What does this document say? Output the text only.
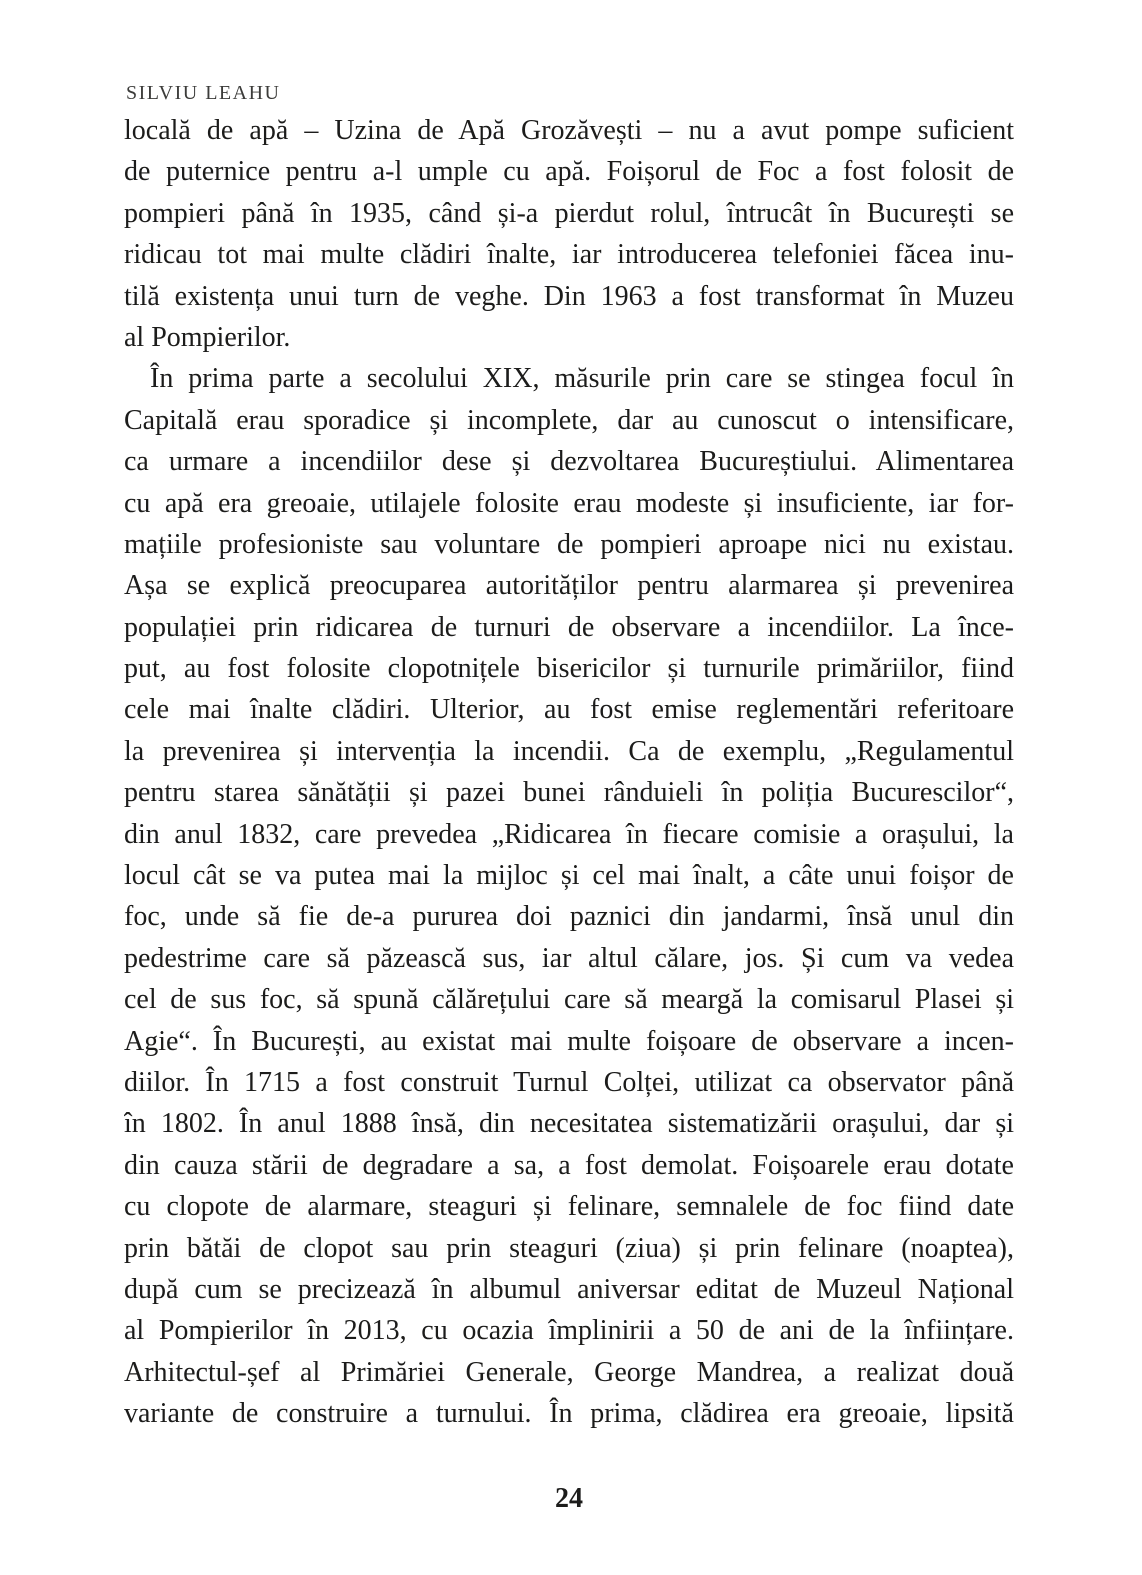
SILVIU LEAHU
locală de apă – Uzina de Apă Grozăvești – nu a avut pompe suficient
de puternice pentru a-l umple cu apă. Foișorul de Foc a fost folosit de
pompieri până în 1935, când și-a pierdut rolul, întrucât în București se
ridicau tot mai multe clădiri înalte, iar introducerea telefoniei făcea inu-
tilă existența unui turn de veghe. Din 1963 a fost transformat în Muzeu
al Pompierilor.
În prima parte a secolului XIX, măsurile prin care se stingea focul în
Capitală erau sporadice și incomplete, dar au cunoscut o intensificare,
ca urmare a incendiilor dese și dezvoltarea Bucureștiului. Alimentarea
cu apă era greoaie, utilajele folosite erau modeste și insuficiente, iar for-
mațiile profesioniste sau voluntare de pompieri aproape nici nu existau.
Așa se explică preocuparea autorităților pentru alarmarea și prevenirea
populației prin ridicarea de turnuri de observare a incendiilor. La înce-
put, au fost folosite clopotnițele bisericilor și turnurile primăriilor, fiind
cele mai înalte clădiri. Ulterior, au fost emise reglementări referitoare
la prevenirea și intervenția la incendii. Ca de exemplu, „Regulamentul
pentru starea sănătății și pazei bunei rânduieli în poliția Bucurescilor“,
din anul 1832, care prevedea „Ridicarea în fiecare comisie a orașului, la
locul cât se va putea mai la mijloc și cel mai înalt, a câte unui foișor de
foc, unde să fie de-a pururea doi paznici din jandarmi, însă unul din
pedestrime care să păzească sus, iar altul călare, jos. Și cum va vedea
cel de sus foc, să spună călărețului care să meargă la comisarul Plasei și
Agie“. În București, au existat mai multe foișoare de observare a incen-
diilor. În 1715 a fost construit Turnul Colței, utilizat ca observator până
în 1802. În anul 1888 însă, din necesitatea sistematizării orașului, dar și
din cauza stării de degradare a sa, a fost demolat. Foișoarele erau dotate
cu clopote de alarmare, steaguri și felinare, semnalele de foc fiind date
prin bătăi de clopot sau prin steaguri (ziua) și prin felinare (noaptea),
după cum se precizează în albumul aniversar editat de Muzeul Național
al Pompierilor în 2013, cu ocazia împlinirii a 50 de ani de la înființare.
Arhitectul-șef al Primăriei Generale, George Mandrea, a realizat două
variante de construire a turnului. În prima, clădirea era greoaie, lipsită
24
